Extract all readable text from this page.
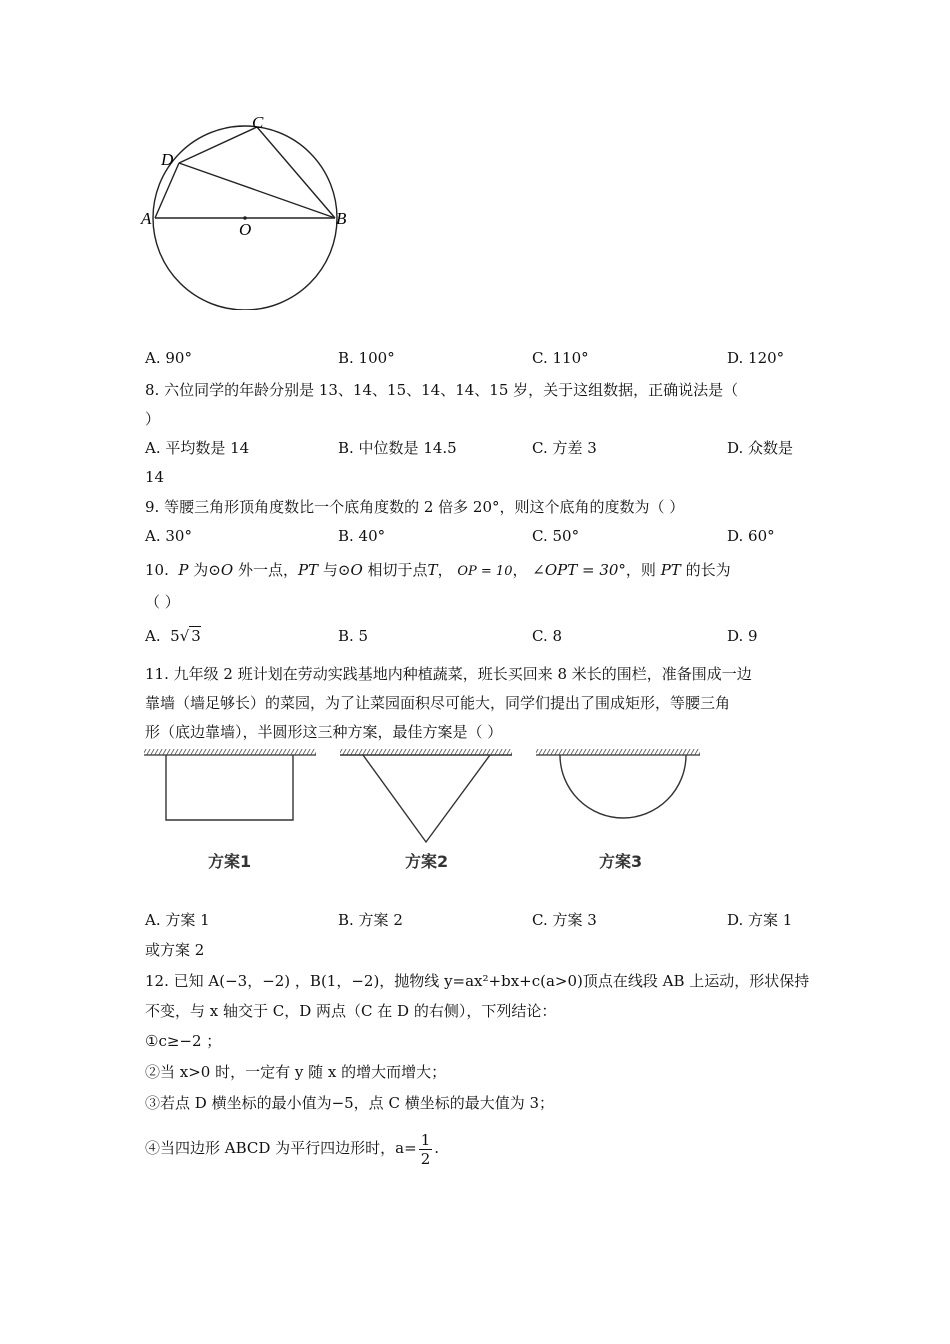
C
D
A
O
B
A. 90°	B. 100°	C. 110°	D. 120°
8. 六位同学的年龄分别是 13、14、15、14、14、15 岁，关于这组数据，正确说法是（
）
A. 平均数是 14	B. 中位数是 14.5	C. 方差 3	D. 众数是
14
9. 等腰三角形顶角度数比一个底角度数的 2 倍多 20°，则这个底角的度数为（ ）
A. 30°	B. 40°	C. 50°	D. 60°
10. P 为⊙O 外一点，PT 与⊙O 相切于点T， OP = 10， ∠OPT = 30°，则 PT 的长为
（ ）
A. 5√ 3	B. 5	C. 8	D. 9
11. 九年级 2 班计划在劳动实践基地内种植蔬菜，班长买回来 8 米长的围栏，准备围成一边
靠墙（墙足够长）的菜园，为了让菜园面积尽可能大，同学们提出了围成矩形，等腰三角
形（底边靠墙），半圆形这三种方案，最佳方案是（ ）
方案1	方案2	方案3
A. 方案 1	B. 方案 2	C. 方案 3	D. 方案 1
或方案 2
12. 已知 A(−3，−2) ，B(1，−2)，抛物线 y=ax²+bx+c(a>0)顶点在线段 AB 上运动，形状保持
不变，与 x 轴交于 C，D 两点（C 在 D 的右侧），下列结论：
①c≥−2 ；
②当 x>0 时，一定有 y 随 x 的增大而增大；
③若点 D 横坐标的最小值为−5，点 C 横坐标的最大值为 3；
④当四边形 ABCD 为平行四边形时，$a= \frac{1}{2}$ .
